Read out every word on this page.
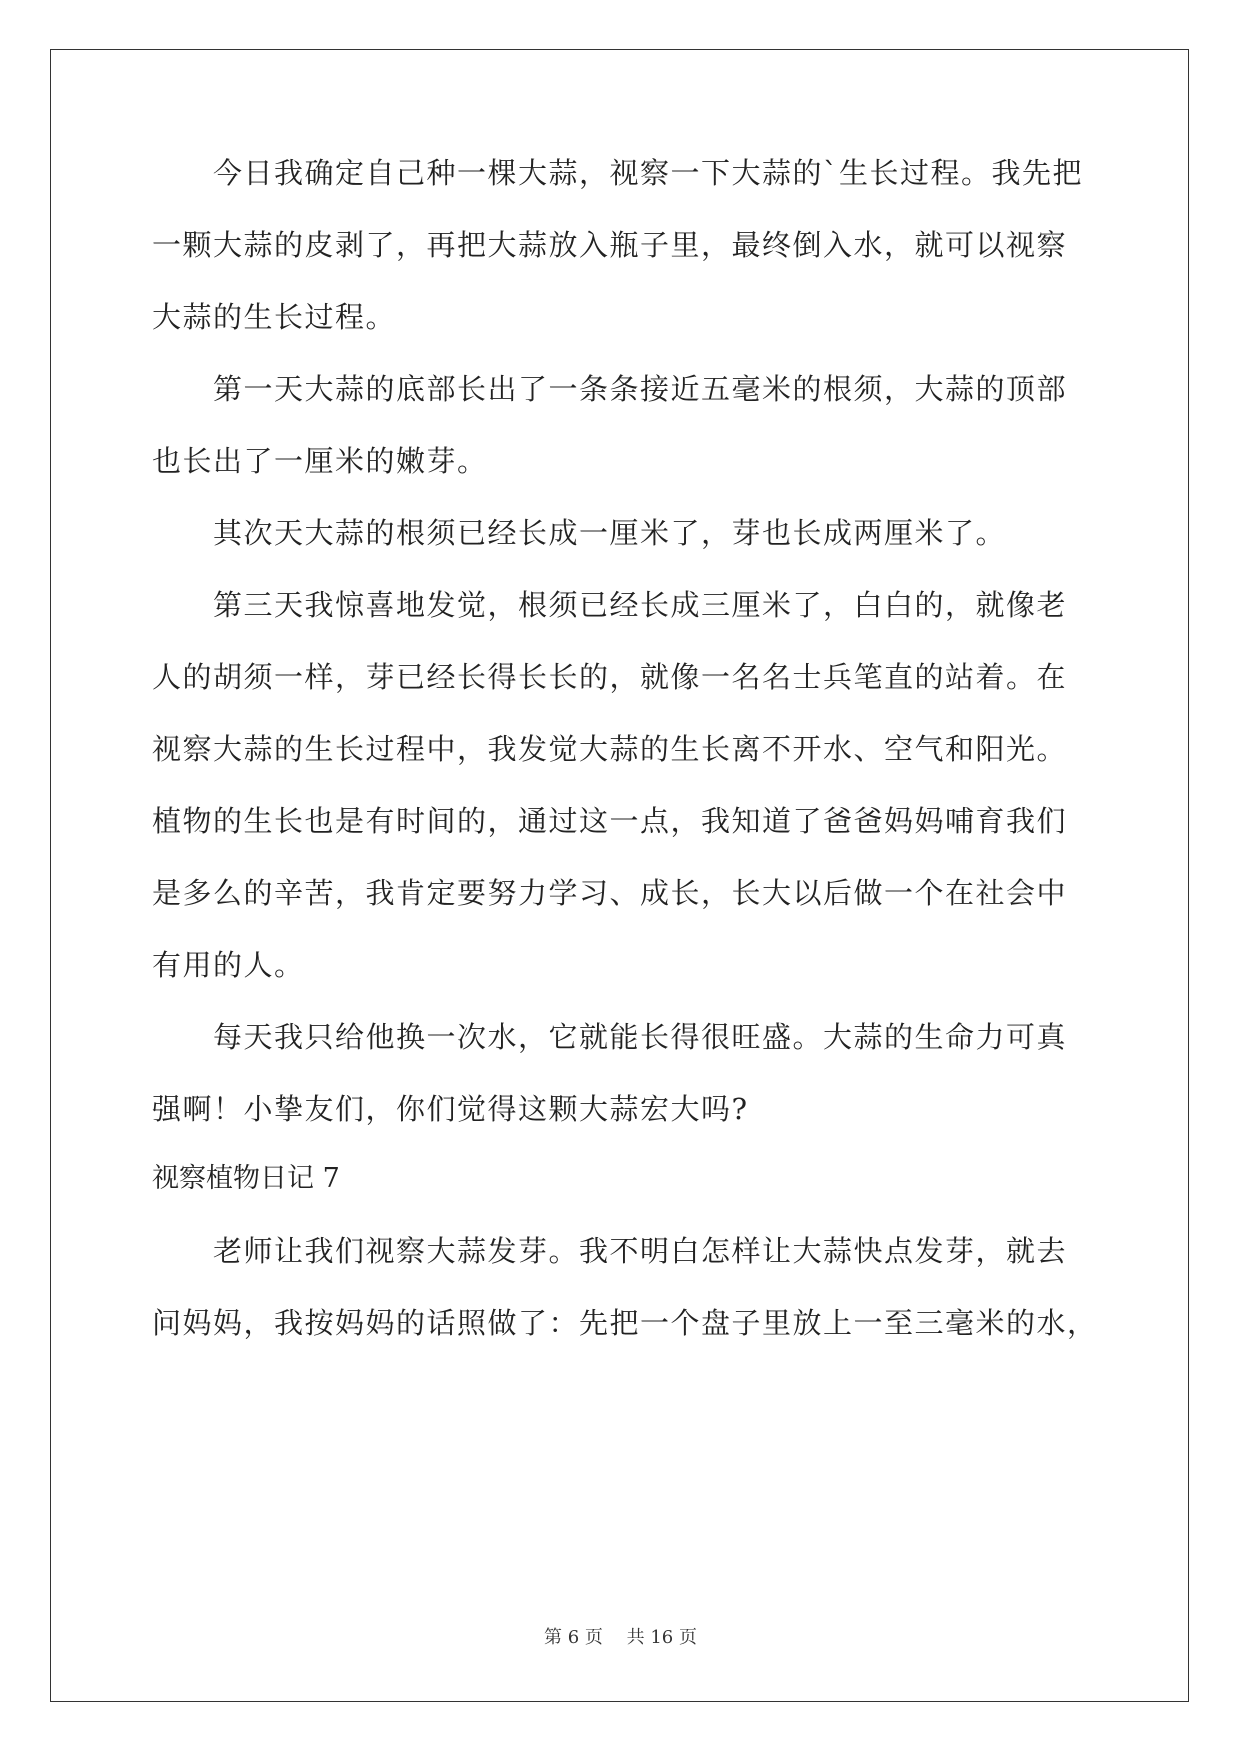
　　今日我确定自己种一棵大蒜，视察一下大蒜的`生长过程。我先把

一颗大蒜的皮剥了，再把大蒜放入瓶子里，最终倒入水，就可以视察

大蒜的生长过程。

　　第一天大蒜的底部长出了一条条接近五毫米的根须，大蒜的顶部

也长出了一厘米的嫩芽。

　　其次天大蒜的根须已经长成一厘米了，芽也长成两厘米了。

　　第三天我惊喜地发觉，根须已经长成三厘米了，白白的，就像老

人的胡须一样，芽已经长得长长的，就像一名名士兵笔直的站着。在

视察大蒜的生长过程中，我发觉大蒜的生长离不开水、空气和阳光。

植物的生长也是有时间的，通过这一点，我知道了爸爸妈妈哺育我们

是多么的辛苦，我肯定要努力学习、成长，长大以后做一个在社会中

有用的人。

　　每天我只给他换一次水，它就能长得很旺盛。大蒜的生命力可真

强啊！小挚友们，你们觉得这颗大蒜宏大吗?

视察植物日记 7

　　老师让我们视察大蒜发芽。我不明白怎样让大蒜快点发芽，就去

问妈妈，我按妈妈的话照做了：先把一个盘子里放上一至三毫米的水，

第 6 页　 共 16 页
